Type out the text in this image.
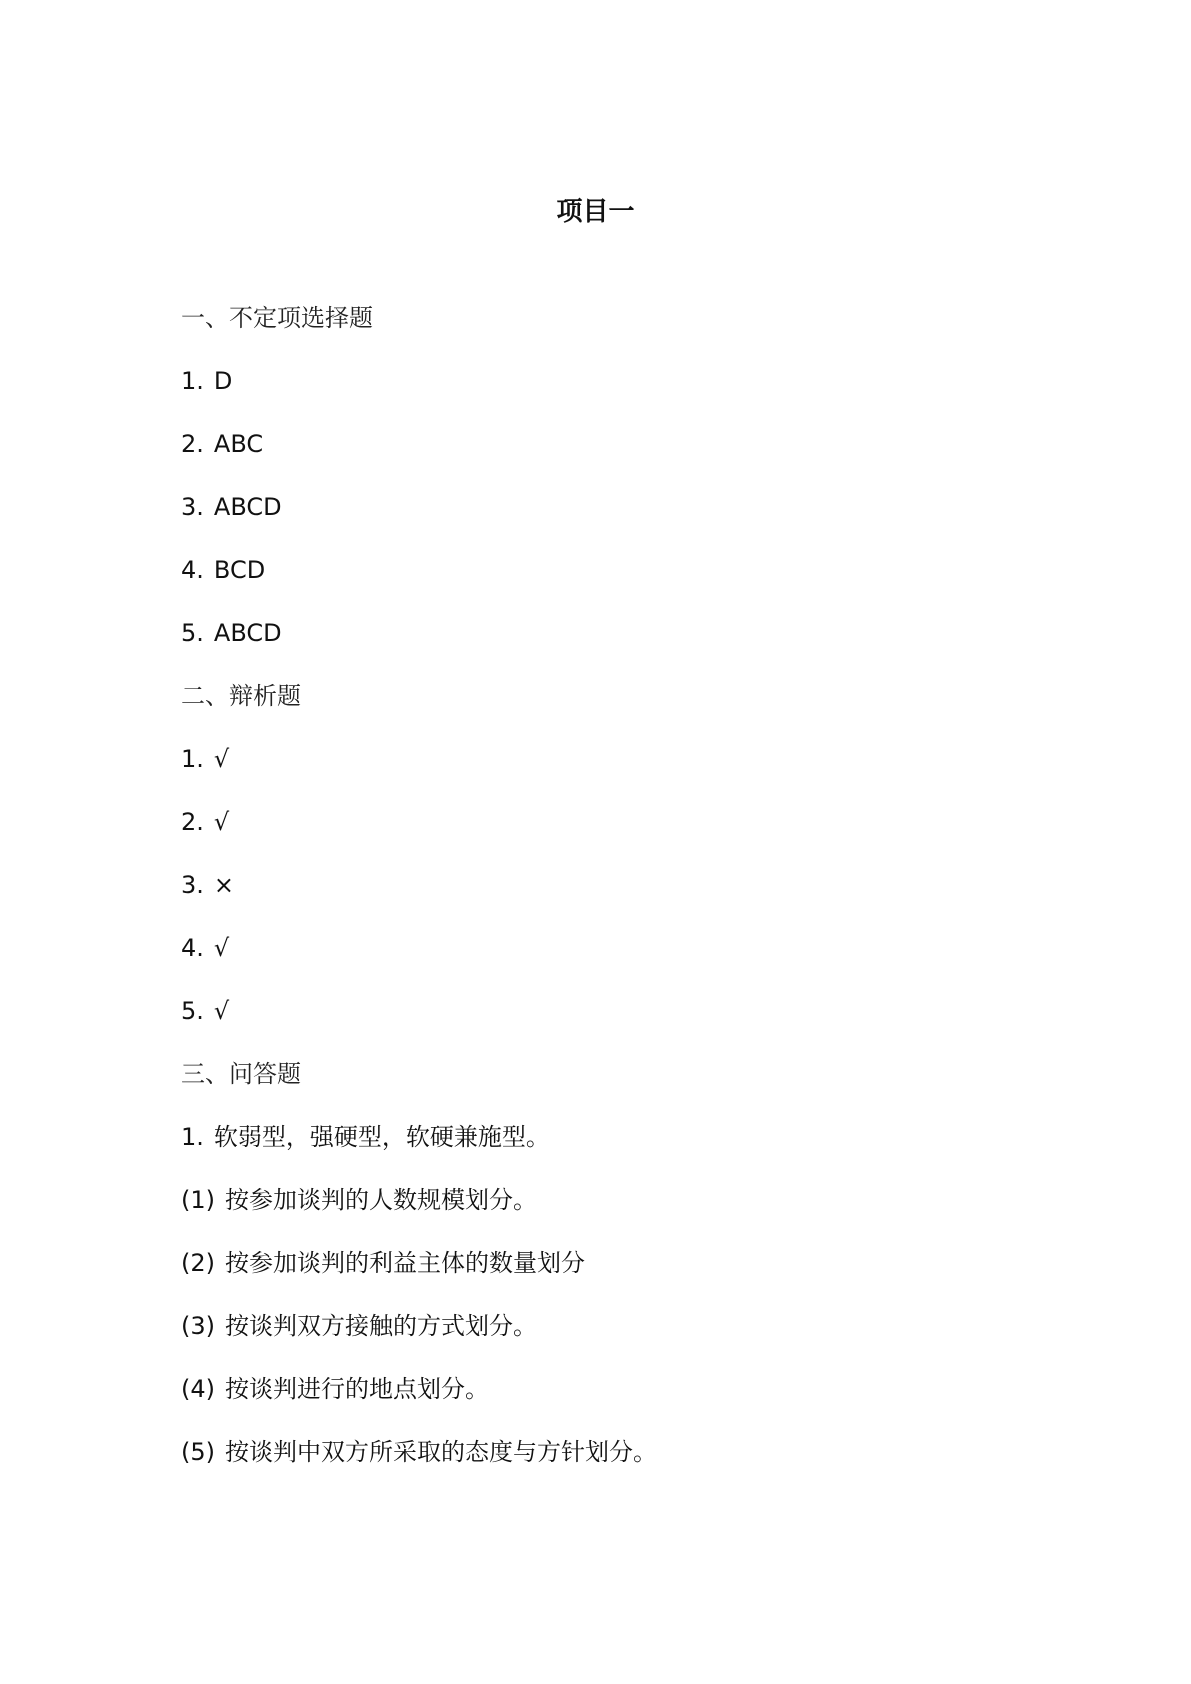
项目一
一、不定项选择题
1. D
2. ABC
3. ABCD
4. BCD
5. ABCD
二、辩析题
1. √
2. √
3. ×
4. √
5. √
三、问答题
1. 软弱型，强硬型，软硬兼施型。
(1) 按参加谈判的人数规模划分。
(2) 按参加谈判的利益主体的数量划分
(3) 按谈判双方接触的方式划分。
(4) 按谈判进行的地点划分。
(5) 按谈判中双方所采取的态度与方针划分。
